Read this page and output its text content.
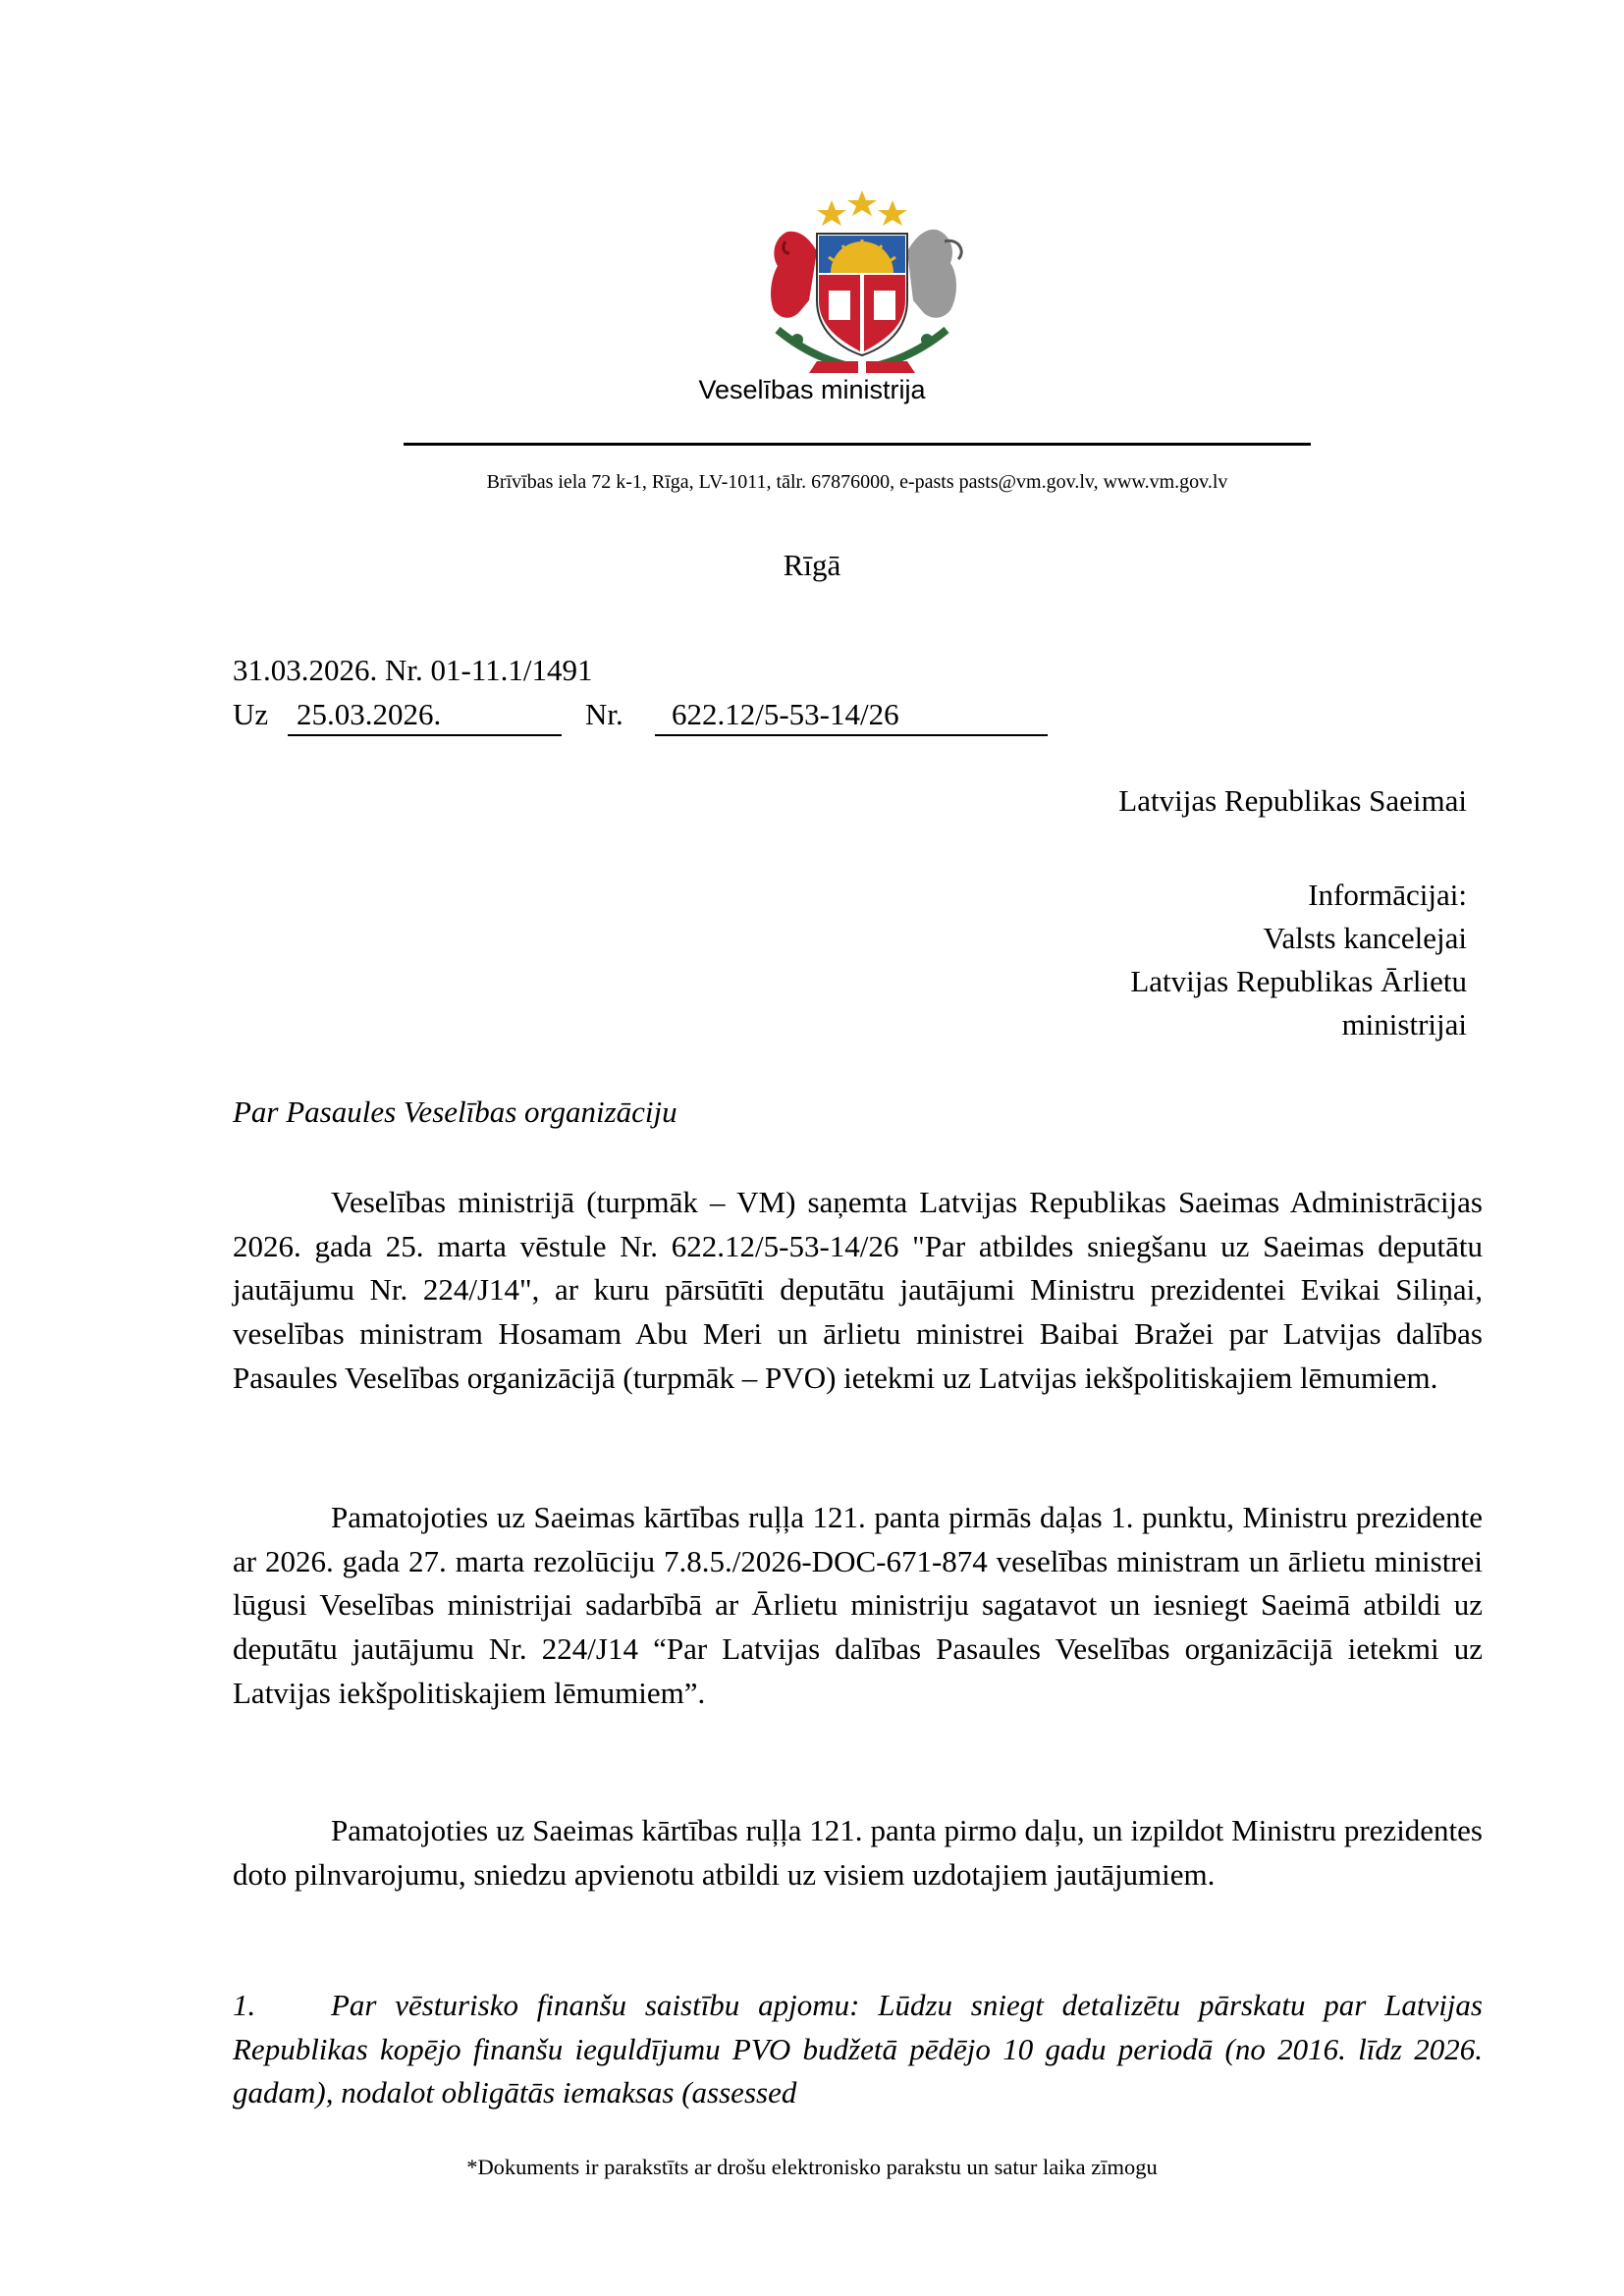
Veselības ministrija
Brīvības iela 72 k-1, Rīga, LV-1011, tālr. 67876000, e-pasts pasts@vm.gov.lv, www.vm.gov.lv
Rīgā
31.03.2026. Nr. 01-11.1/1491
Uz 25.03.2026.	Nr.	622.12/5-53-14/26
Latvijas Republikas Saeimai
Informācijai:
Valsts kancelejai
Latvijas Republikas Ārlietu
ministrijai
Par Pasaules Veselības organizāciju
Veselības ministrijā (turpmāk – VM) saņemta Latvijas Republikas Saeimas Administrācijas 2026. gada 25. marta vēstule Nr. 622.12/5-53-14/26 "Par atbildes sniegšanu uz Saeimas deputātu jautājumu Nr. 224/J14", ar kuru pārsūtīti deputātu jautājumi Ministru prezidentei Evikai Siliņai, veselības ministram Hosamam Abu Meri un ārlietu ministrei Baibai Bražei par Latvijas dalības Pasaules Veselības organizācijā (turpmāk – PVO) ietekmi uz Latvijas iekšpolitiskajiem lēmumiem.
Pamatojoties uz Saeimas kārtības ruļļa 121. panta pirmās daļas 1. punktu, Ministru prezidente ar 2026. gada 27. marta rezolūciju 7.8.5./2026-DOC-671-874 veselības ministram un ārlietu ministrei lūgusi Veselības ministrijai sadarbībā ar Ārlietu ministriju sagatavot un iesniegt Saeimā atbildi uz deputātu jautājumu Nr. 224/J14 “Par Latvijas dalības Pasaules Veselības organizācijā ietekmi uz Latvijas iekšpolitiskajiem lēmumiem”.
Pamatojoties uz Saeimas kārtības ruļļa 121. panta pirmo daļu, un izpildot Ministru prezidentes doto pilnvarojumu, sniedzu apvienotu atbildi uz visiem uzdotajiem jautājumiem.
1. Par vēsturisko finanšu saistību apjomu: Lūdzu sniegt detalizētu pārskatu par Latvijas Republikas kopējo finanšu ieguldījumu PVO budžetā pēdējo 10 gadu periodā (no 2016. līdz 2026. gadam), nodalot obligātās iemaksas (assessed
*Dokuments ir parakstīts ar drošu elektronisko parakstu un satur laika zīmogu
